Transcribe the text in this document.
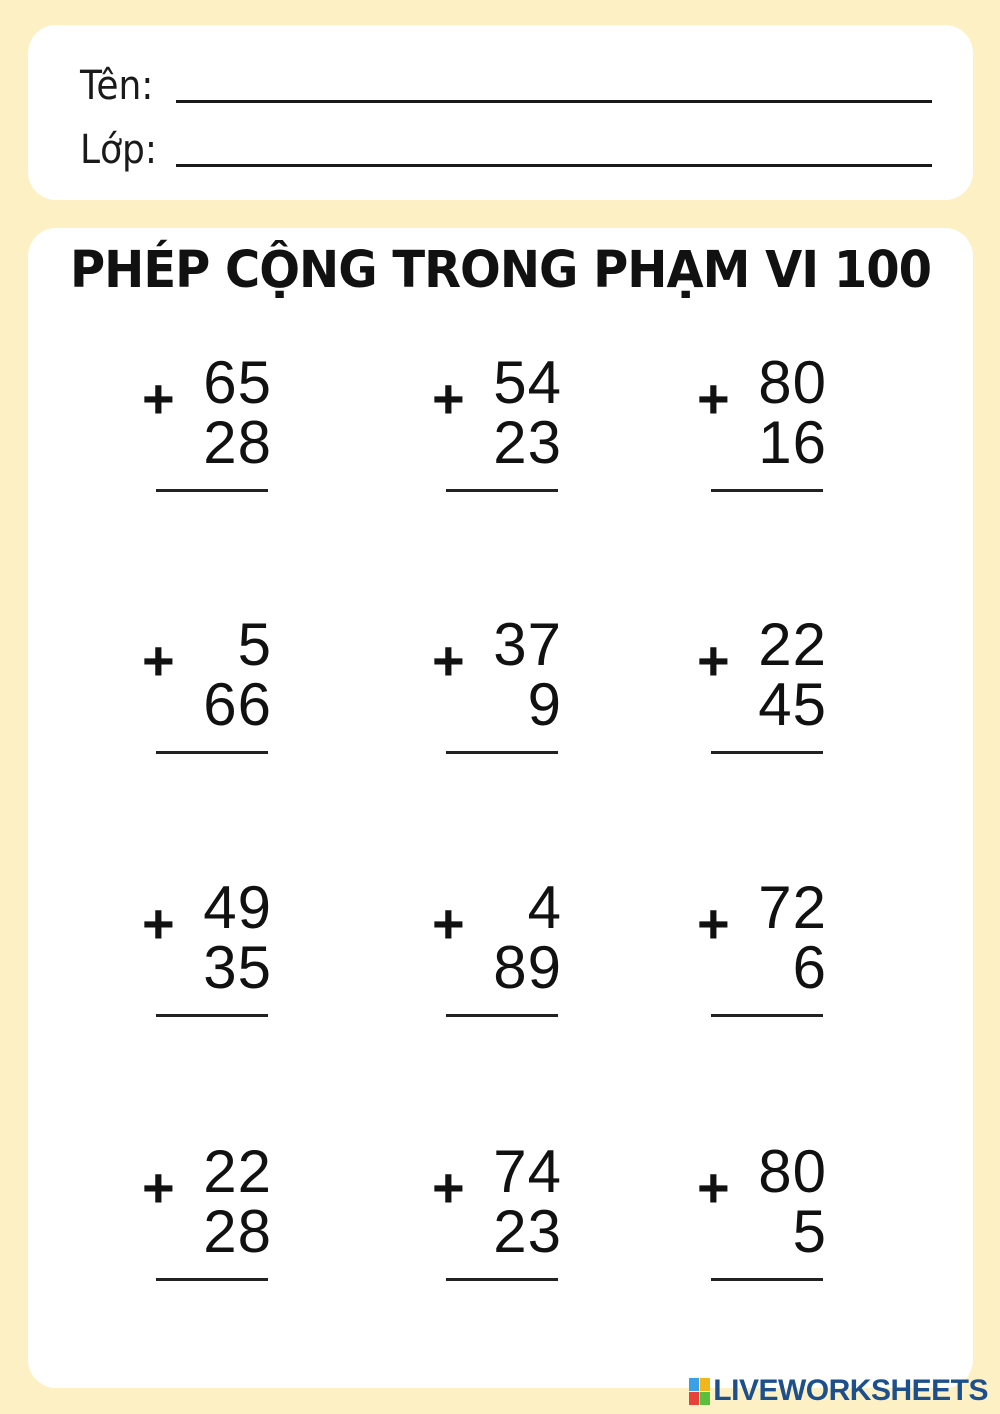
Tên:
Lớp:
PHÉP CỘNG TRONG PHẠM VI 100
+ 65
28
+ 54
23
+ 80
16
+	5
66
+ 37
9
+ 22
45
+ 49
35
+	4
89
+ 72
6
+ 22
28
+ 74
23
+ 80
5
LIVEWORKSHEETS
